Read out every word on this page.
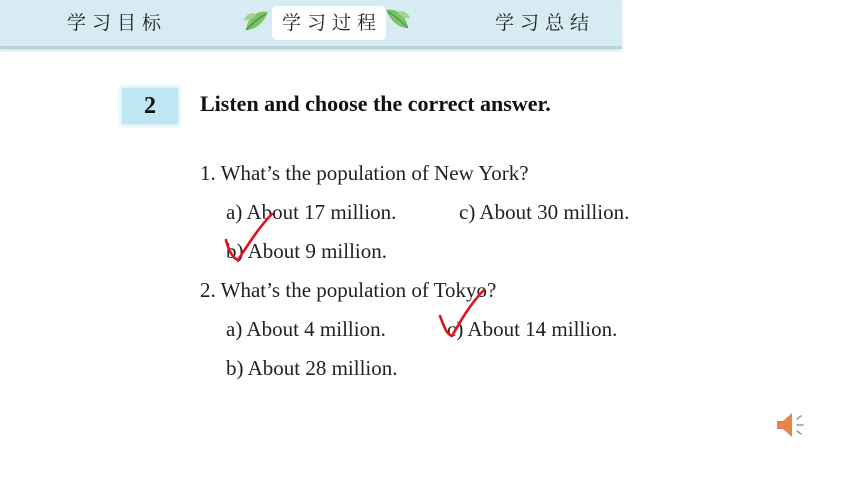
学习目标	学习过程	学习总结
2	Listen and choose the correct answer.
1. What’s the population of New York?
a) About 17 million.	c) About 30 million.
b) About 9 million.
2. What’s the population of Tokyo?
a) About 4 million.	c) About 14 million.
b) About 28 million.
